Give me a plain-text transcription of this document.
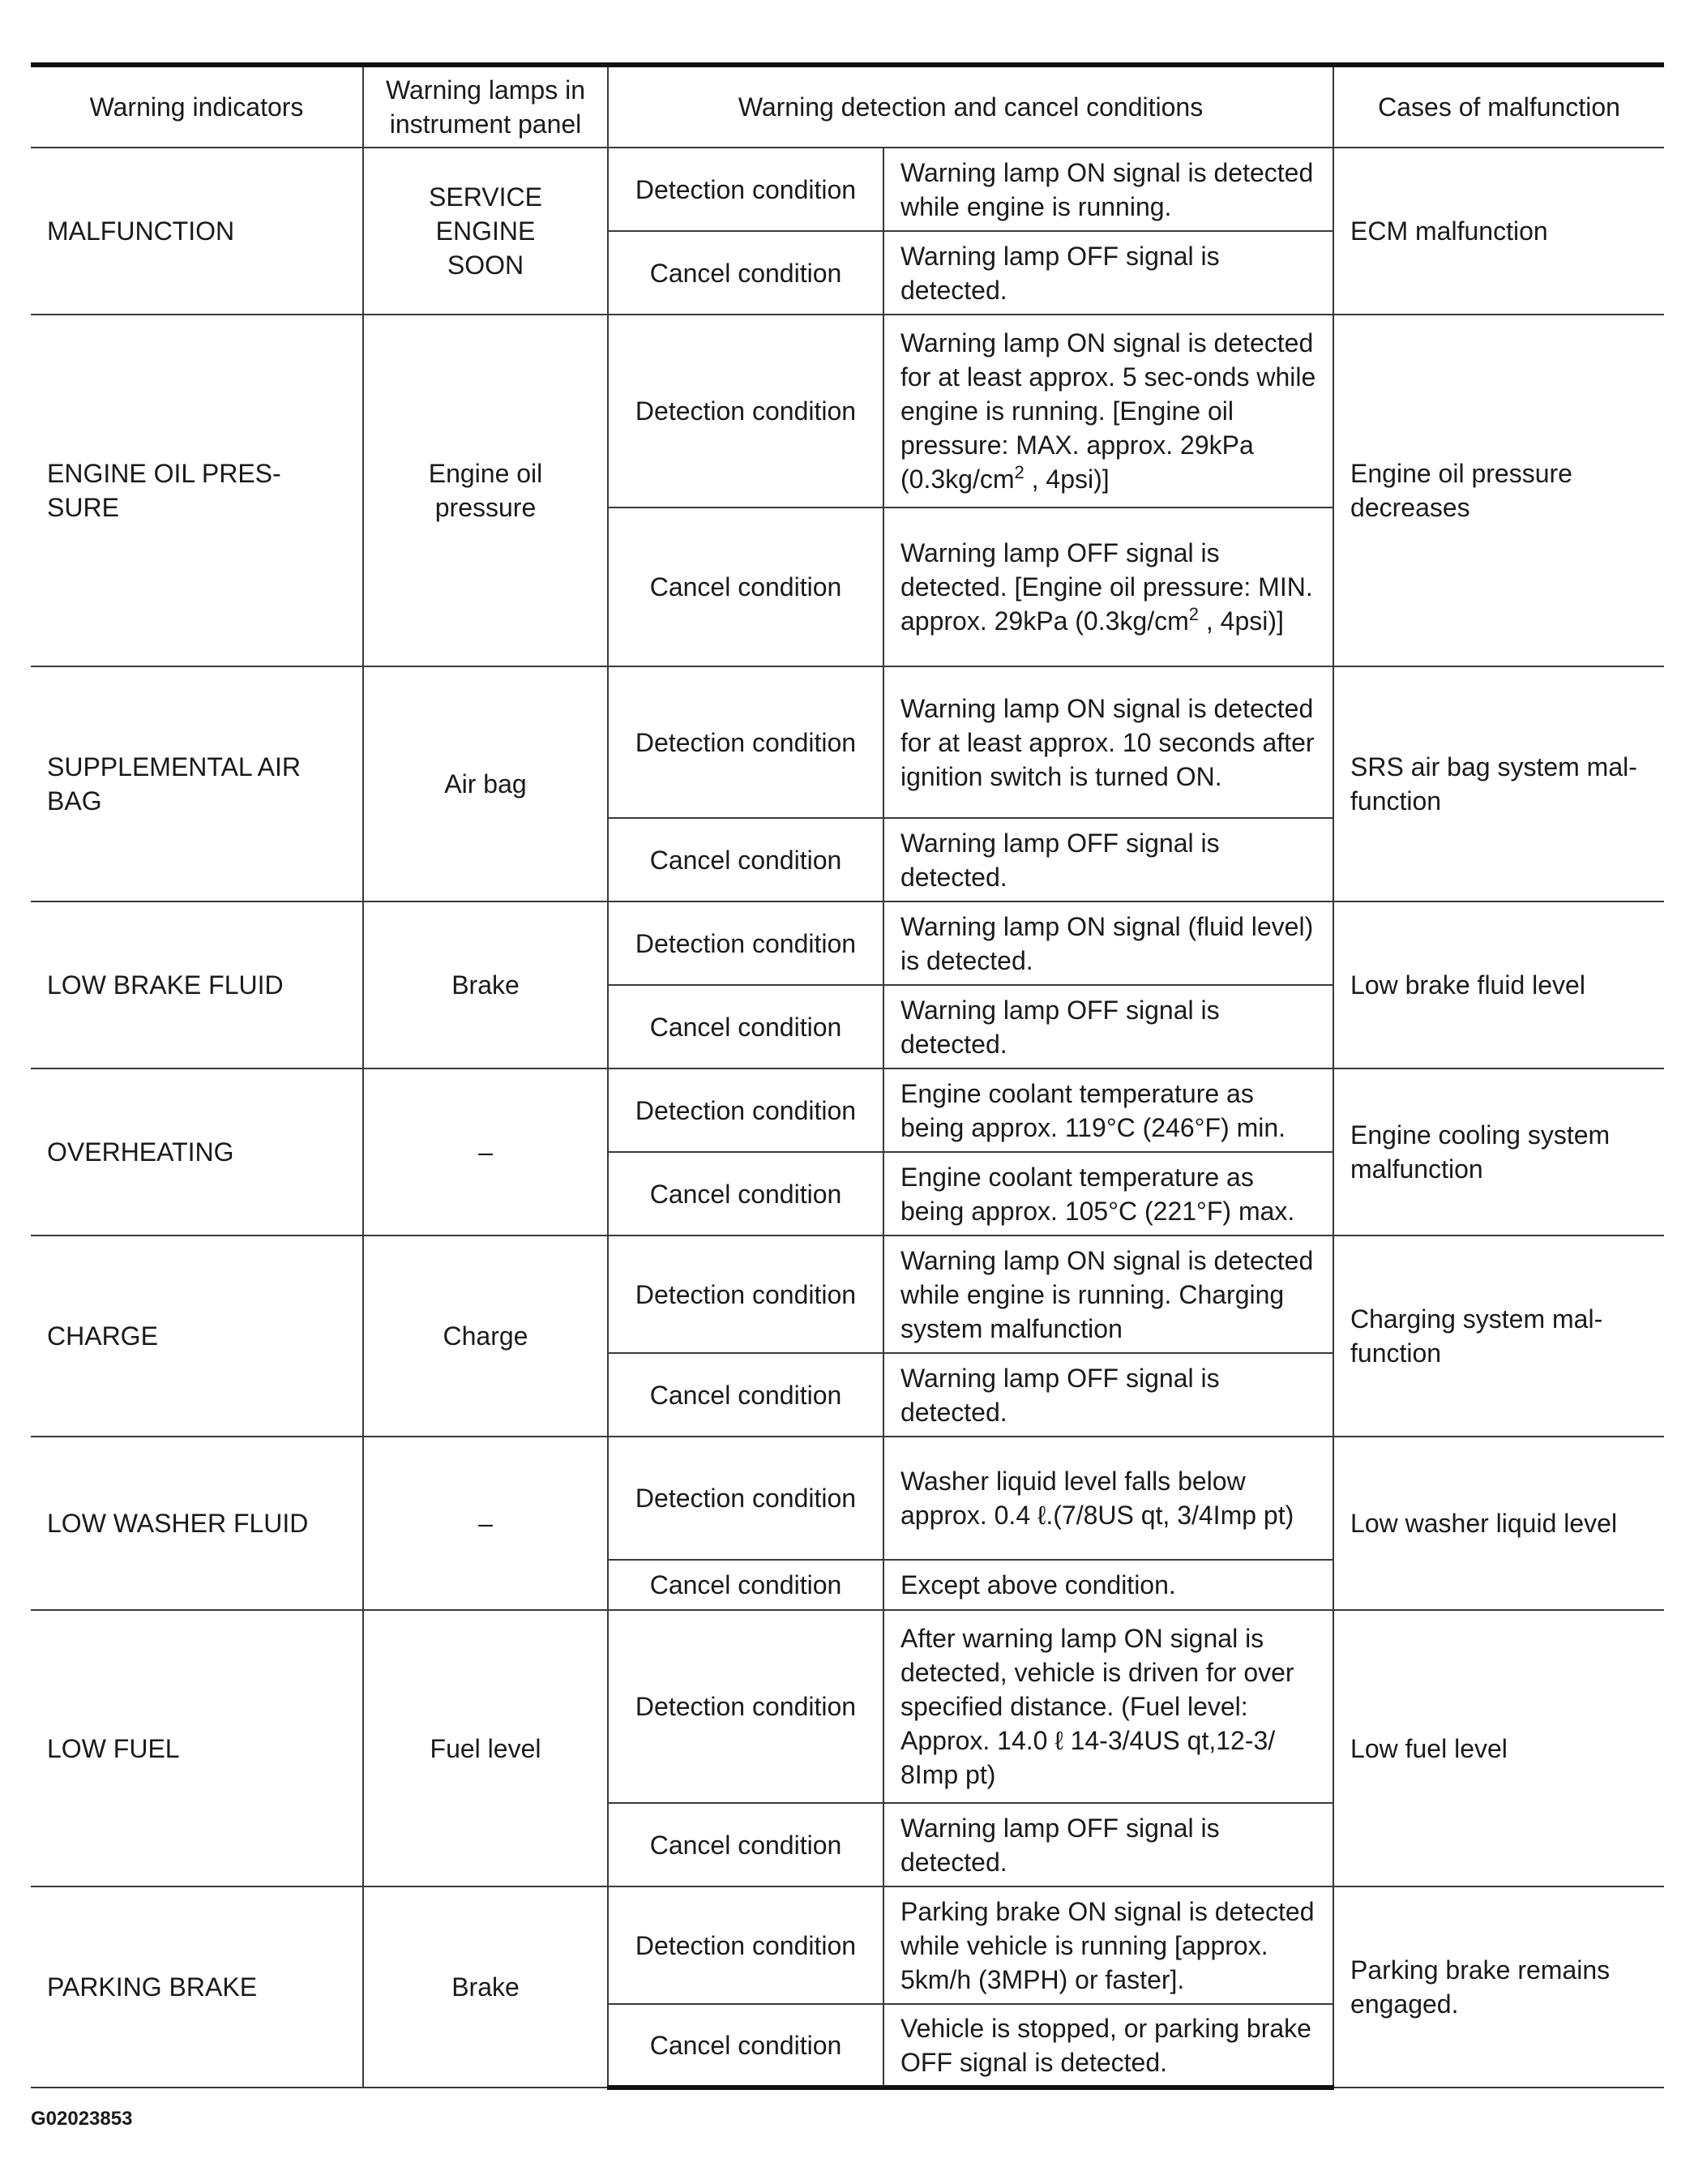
Warning indicators	Warning lamps in instrument panel	Warning detection and cancel conditions		Cases of malfunction
MALFUNCTION	SERVICE ENGINE SOON	Detection condition	Warning lamp ON signal is detected while engine is running.	ECM malfunction
		Cancel condition	Warning lamp OFF signal is detected.	
ENGINE OIL PRES-SURE	Engine oil pressure	Detection condition	Warning lamp ON signal is detected for at least approx. 5 sec-onds while engine is running. [Engine oil pressure: MAX. approx. 29kPa ($0.3kg/cm^2$ , 4psi)]	Engine oil pressure decreases
		Cancel condition	Warning lamp OFF signal is detected. [Engine oil pressure: MIN. approx. 29kPa ($0.3kg/cm^2$ , 4psi)]	
SUPPLEMENTAL AIR BAG	Air bag	Detection condition	Warning lamp ON signal is detected for at least approx. 10 seconds after ignition switch is turned ON.	SRS air bag system mal-function
		Cancel condition	Warning lamp OFF signal is detected.	
LOW BRAKE FLUID	Brake	Detection condition	Warning lamp ON signal (fluid level) is detected.	Low brake fluid level
		Cancel condition	Warning lamp OFF signal is detected.	
OVERHEATING	–	Detection condition	Engine coolant temperature as being approx. 119°C (246°F) min.	Engine cooling system malfunction
		Cancel condition	Engine coolant temperature as being approx. 105°C (221°F) max.	
CHARGE	Charge	Detection condition	Warning lamp ON signal is detected while engine is running. Charging system malfunction	Charging system mal-function
		Cancel condition	Warning lamp OFF signal is detected.	
LOW WASHER FLUID	–	Detection condition	Washer liquid level falls below approx. 0.4 ℓ.(7/8US qt, 3/4Imp pt)	Low washer liquid level
		Cancel condition	Except above condition.	
LOW FUEL	Fuel level	Detection condition	After warning lamp ON signal is detected, vehicle is driven for over specified distance. (Fuel level: Approx. 14.0 ℓ 14-3/4US qt,12-3/ 8Imp pt)	Low fuel level
		Cancel condition	Warning lamp OFF signal is detected.	
PARKING BRAKE	Brake	Detection condition	Parking brake ON signal is detected while vehicle is running [approx. 5km/h (3MPH) or faster].	Parking brake remains engaged.
		Cancel condition	Vehicle is stopped, or parking brake OFF signal is detected.	
G02023853
